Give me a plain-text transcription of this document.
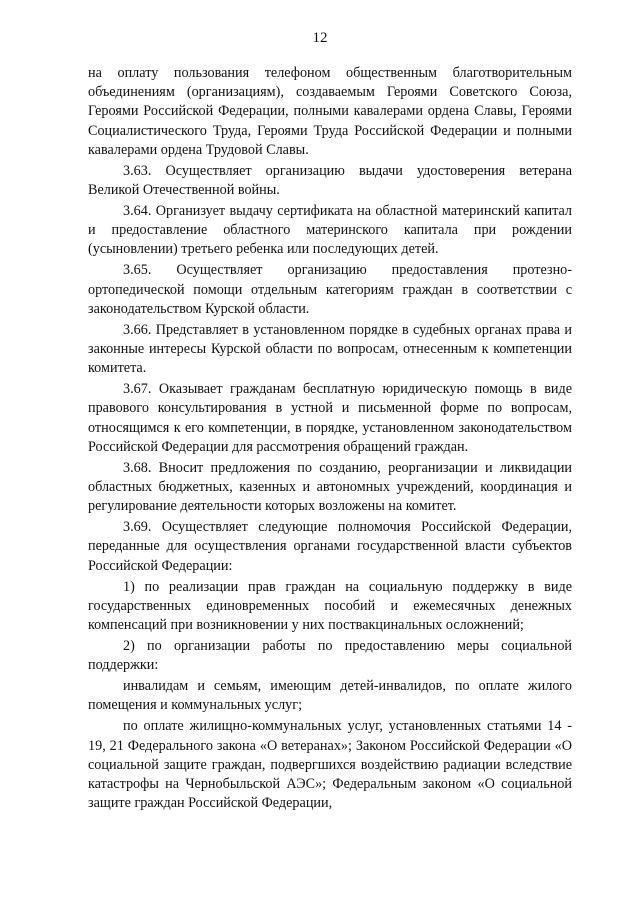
12

на оплату пользования телефоном общественным благотворительным объединениям (организациям), создаваемым Героями Советского Союза, Героями Российской Федерации, полными кавалерами ордена Славы, Героями Социалистического Труда, Героями Труда Российской Федерации и полными кавалерами ордена Трудовой Славы.

3.63. Осуществляет организацию выдачи удостоверения ветерана Великой Отечественной войны.

3.64. Организует выдачу сертификата на областной материнский капитал и предоставление областного материнского капитала при рождении (усыновлении) третьего ребенка или последующих детей.

3.65. Осуществляет организацию предоставления протезно-ортопедической помощи отдельным категориям граждан в соответствии с законодательством Курской области.

3.66. Представляет в установленном порядке в судебных органах права и законные интересы Курской области по вопросам, отнесенным к компетенции комитета.

3.67. Оказывает гражданам бесплатную юридическую помощь в виде правового консультирования в устной и письменной форме по вопросам, относящимся к его компетенции, в порядке, установленном законодательством Российской Федерации для рассмотрения обращений граждан.

3.68. Вносит предложения по созданию, реорганизации и ликвидации областных бюджетных, казенных и автономных учреждений, координация и регулирование деятельности которых возложены на комитет.

3.69. Осуществляет следующие полномочия Российской Федерации, переданные для осуществления органами государственной власти субъектов Российской Федерации:

1) по реализации прав граждан на социальную поддержку в виде государственных единовременных пособий и ежемесячных денежных компенсаций при возникновении у них поствакцинальных осложнений;

2) по организации работы по предоставлению меры социальной поддержки:

инвалидам и семьям, имеющим детей-инвалидов, по оплате жилого помещения и коммунальных услуг;

по оплате жилищно-коммунальных услуг, установленных статьями 14 - 19, 21 Федерального закона «О ветеранах»; Законом Российской Федерации «О социальной защите граждан, подвергшихся воздействию радиации вследствие катастрофы на Чернобыльской АЭС»; Федеральным законом «О социальной защите граждан Российской Федерации,
